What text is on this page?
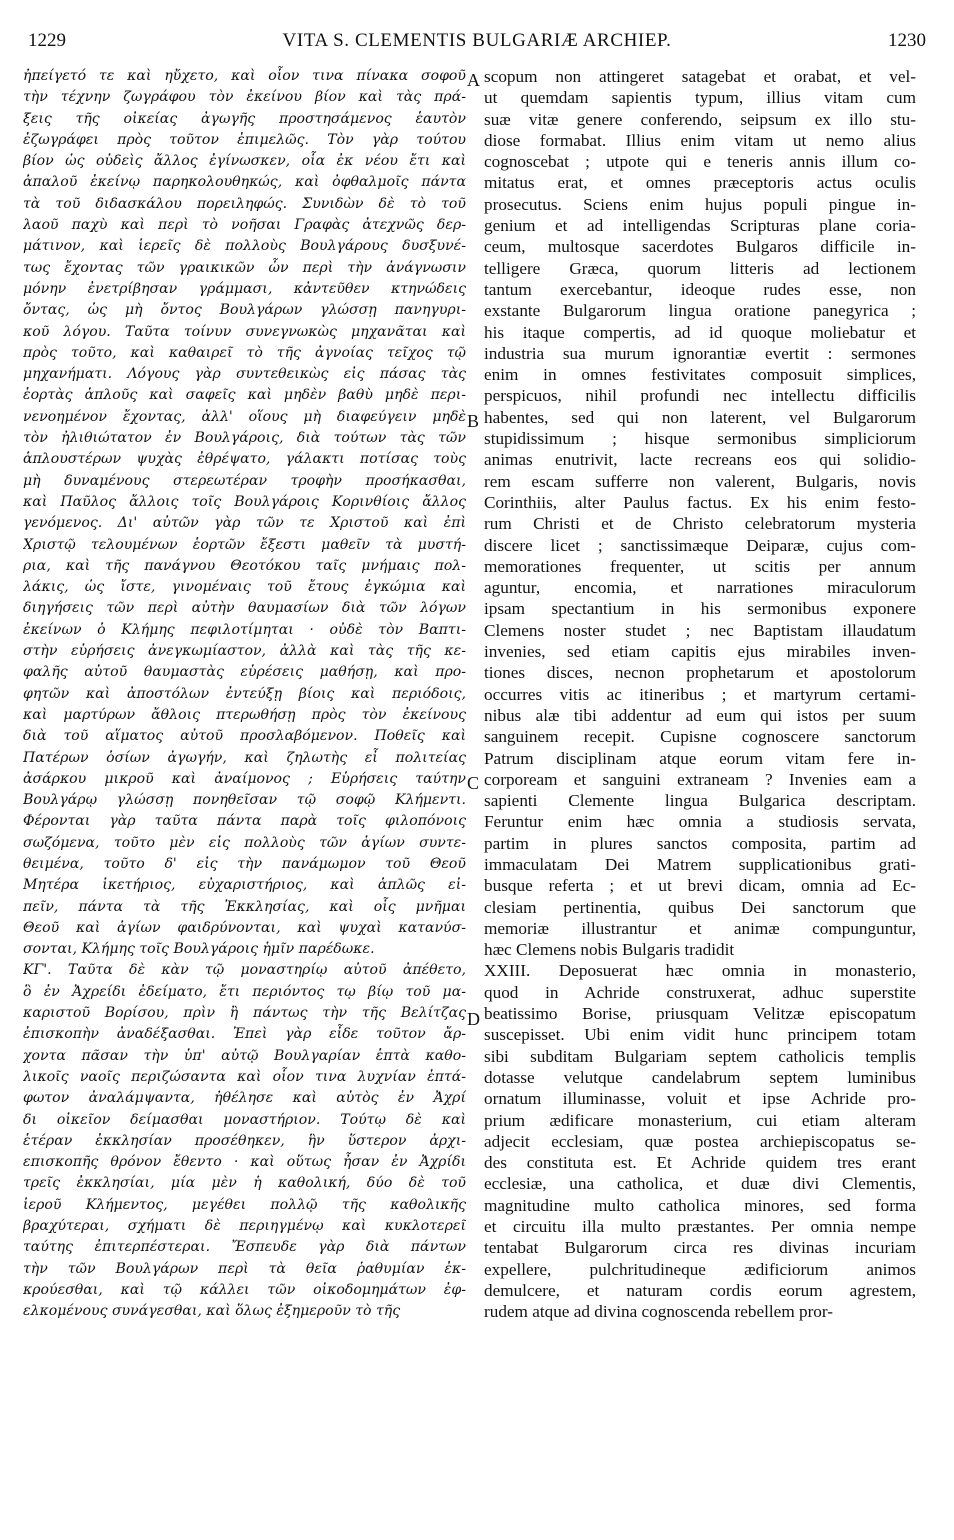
1229	VITA S. CLEMENTIS BULGARIÆ ARCHIEP.	1230
ἠπείγετό τε καὶ ηὔχετο, καὶ οἷον τινα πίνακα σοφοῦ
τὴν τέχνην ζωγράφου τὸν ἐκείνου βίον καὶ τὰς πρά-
ξεις τῆς οἰκείας ἀγωγῆς προστησάμενος ἑαυτὸν
ἐζωγράφει πρὸς τοῦτον ἐπιμελῶς. Τὸν γὰρ τούτου
βίον ὡς οὐδεὶς ἄλλος ἐγίνωσκεν, οἷα ἐκ νέου ἔτι καὶ
ἁπαλοῦ ἐκείνῳ παρηκολουθηκώς, καὶ ὀφθαλμοῖς πάντα
τὰ τοῦ διδασκάλου πορειληφώς. Συνιδὼν δὲ τὸ τοῦ
λαοῦ παχὺ καὶ περὶ τὸ νοῆσαι Γραφὰς ἀτεχνῶς δερ-
μάτινον, καὶ ἱερεῖς δὲ πολλοὺς Βουλγάρους δυσξυνέ-
τως ἔχοντας τῶν γραικικῶν ὧν περὶ τὴν ἀνάγνωσιν
μόνην ἐνετρίβησαν γράμμασι, κἀντεῦθεν κτηνώδεις
ὄντας, ὡς μὴ ὄντος Βουλγάρων γλώσσῃ πανηγυρι-
κοῦ λόγου. Ταῦτα τοίνυν συνεγνωκὼς μηχανᾶται καὶ
πρὸς τοῦτο, καὶ καθαιρεῖ τὸ τῆς ἀγνοίας τεῖχος τῷ
μηχανήματι. Λόγους γὰρ συντεθεικὼς εἰς πάσας τὰς
ἑορτὰς ἁπλοῦς καὶ σαφεῖς καὶ μηδὲν βαθὺ μηδὲ περι-
νενοημένον ἔχοντας, ἀλλ' οἵους μὴ διαφεύγειν μηδὲ
τὸν ἠλιθιώτατον ἐν Βουλγάροις, διὰ τούτων τὰς τῶν
ἁπλουστέρων ψυχὰς ἐθρέψατο, γάλακτι ποτίσας τοὺς
μὴ δυναμένους στερεωτέραν τροφὴν προσήκασθαι,
καὶ Παῦλος ἄλλοις τοῖς Βουλγάροις Κορινθίοις ἄλλος
γενόμενος. Δι' αὐτῶν γὰρ τῶν τε Χριστοῦ καὶ ἐπὶ
Χριστῷ τελουμένων ἑορτῶν ἔξεστι μαθεῖν τὰ μυστή-
ρια, καὶ τῆς πανάγνου Θεοτόκου ταῖς μνήμαις πολ-
λάκις, ὡς ἴστε, γινομέναις τοῦ ἔτους ἐγκώμια καὶ
διηγήσεις τῶν περὶ αὐτὴν θαυμασίων διὰ τῶν λόγων
ἐκείνων ὁ Κλήμης πεφιλοτίμηται · οὐδὲ τὸν Βαπτι-
στὴν εὑρήσεις ἀνεγκωμίαστον, ἀλλὰ καὶ τὰς τῆς κε-
φαλῆς αὐτοῦ θαυμαστὰς εὑρέσεις μαθήσῃ, καὶ προ-
φητῶν καὶ ἀποστόλων ἐντεύξῃ βίοις καὶ περιόδοις,
καὶ μαρτύρων ἄθλοις πτερωθήσῃ πρὸς τὸν ἐκείνους
διὰ τοῦ αἵματος αὐτοῦ προσλαβόμενον. Ποθεῖς καὶ
Πατέρων ὁσίων ἀγωγήν, καὶ ζηλωτὴς εἶ πολιτείας
ἀσάρκου μικροῦ καὶ ἀναίμονος ; Εὑρήσεις ταύτην
Βουλγάρῳ γλώσσῃ πονηθεῖσαν τῷ σοφῷ Κλήμεντι.
Φέρονται γὰρ ταῦτα πάντα παρὰ τοῖς φιλοπόνοις
σωζόμενα, τοῦτο μὲν εἰς πολλοὺς τῶν ἁγίων συντε-
θειμένα, τοῦτο δ' εἰς τὴν πανάμωμον τοῦ Θεοῦ
Μητέρα ἱκετήριος, εὐχαριστήριος, καὶ ἁπλῶς εἰ-
πεῖν, πάντα τὰ τῆς Ἐκκλησίας, καὶ οἷς μνῆμαι
Θεοῦ καὶ ἁγίων φαιδρύνονται, καὶ ψυχαὶ κατανύσ-
σονται, Κλήμης τοῖς Βουλγάροις ἡμῖν παρέδωκε.
ΚΓ'. Ταῦτα δὲ κὰν τῷ μοναστηρίῳ αὐτοῦ ἀπέθετο,
ὃ ἐν Ἀχρείδι ἐδείματο, ἔτι περιόντος τῳ βίῳ τοῦ μα-
καριστοῦ Βορίσου, πρὶν ἢ πάντως τὴν τῆς Βελίτζας
ἐπισκοπὴν ἀναδέξασθαι. Ἐπεὶ γὰρ εἶδε τοῦτον ἄρ-
χοντα πᾶσαν τὴν ὑπ' αὐτῷ Βουλγαρίαν ἑπτὰ καθο-
λικοῖς ναοῖς περιζώσαντα καὶ οἷον τινα λυχνίαν ἑπτά-
φωτον ἀναλάμψαντα, ἠθέλησε καὶ αὐτὸς ἐν Ἀχρί
δι οἰκεῖον δείμασθαι μοναστήριον. Τούτῳ δὲ καὶ
ἑτέραν ἐκκλησίαν προσέθηκεν, ἣν ὕστερον ἀρχι-
επισκοπῆς θρόνον ἔθεντο · καὶ οὕτως ἦσαν ἐν Ἀχρίδι
τρεῖς ἐκκλησίαι, μία μὲν ἡ καθολική, δύο δὲ τοῦ
ἱεροῦ Κλήμεντος, μεγέθει πολλῷ τῆς καθολικῆς
βραχύτεραι, σχήματι δὲ περιηγμένῳ καὶ κυκλοτερεῖ
ταύτης ἐπιτερπέστεραι. Ἔσπευδε γὰρ διὰ πάντων
τὴν τῶν Βουλγάρων περὶ τὰ θεῖα ῥαθυμίαν ἐκ-
κρούεσθαι, καὶ τῷ κάλλει τῶν οἰκοδομημάτων ἐφ-
ελκομένους συνάγεσθαι, καὶ ὅλως ἐξημεροῦν τὸ τῆς
scopum non attingeret satagebat et orabat, et vel-
ut quemdam sapientis typum, illius vitam cum
suæ vitæ genere conferendo, seipsum ex illo stu-
diose formabat. Illius enim vitam ut nemo alius
cognoscebat ; utpote qui e teneris annis illum co-
mitatus erat, et omnes præceptoris actus oculis
prosecutus. Sciens enim hujus populi pingue in-
genium et ad intelligendas Scripturas plane coria-
ceum, multosque sacerdotes Bulgaros difficile in-
telligere Græca, quorum litteris ad lectionem
tantum exercebantur, ideoque rudes esse, non
exstante Bulgarorum lingua oratione panegyrica ;
his itaque compertis, ad id quoque moliebatur et
industria sua murum ignorantiæ evertit : sermones
enim in omnes festivitates composuit simplices,
perspicuos, nihil profundi nec intellectu difficilis
habentes, sed qui non laterent, vel Bulgarorum
stupidissimum ; hisque sermonibus simpliciorum
animas enutrivit, lacte recreans eos qui solidio-
rem escam sufferre non valerent, Bulgaris, novis
Corinthiis, alter Paulus factus. Ex his enim festo-
rum Christi et de Christo celebratorum mysteria
discere licet ; sanctissimæque Deiparæ, cujus com-
memorationes frequenter, ut scitis per annum
aguntur, encomia, et narrationes miraculorum
ipsam spectantium in his sermonibus exponere
Clemens noster studet ; nec Baptistam illaudatum
invenies, sed etiam capitis ejus mirabiles inven-
tiones disces, necnon prophetarum et apostolorum
occurres vitis ac itineribus ; et martyrum certami-
nibus alæ tibi addentur ad eum qui istos per suum
sanguinem recepit. Cupisne cognoscere sanctorum
Patrum disciplinam atque eorum vitam fere in-
corpoream et sanguini extraneam ? Invenies eam a
sapienti Clemente lingua Bulgarica descriptam.
Feruntur enim hæc omnia a studiosis servata,
partim in plures sanctos composita, partim ad
immaculatam Dei Matrem supplicationibus grati-
busque referta ; et ut brevi dicam, omnia ad Ec-
clesiam pertinentia, quibus Dei sanctorum que
memoriæ illustrantur et animæ compunguntur,
hæc Clemens nobis Bulgaris tradidit
XXIII. Deposuerat hæc omnia in monasterio,
quod in Achride construxerat, adhuc superstite
beatissimo Borise, priusquam Velitzæ episcopatum
suscepisset. Ubi enim vidit hunc principem totam
sibi subditam Bulgariam septem catholicis templis
dotasse velutque candelabrum septem luminibus
ornatum illuminasse, voluit et ipse Achride pro-
prium ædificare monasterium, cui etiam alteram
adjecit ecclesiam, quæ postea archiepiscopatus se-
des constituta est. Et Achride quidem tres erant
ecclesiæ, una catholica, et duæ divi Clementis,
magnitudine multo catholica minores, sed forma
et circuitu illa multo præstantes. Per omnia nempe
tentabat Bulgarorum circa res divinas incuriam
expellere, pulchritudineque ædificiorum animos
demulcere, et naturam cordis eorum agrestem,
rudem atque ad divina cognoscenda rebellem pror-
A
B
C
D
